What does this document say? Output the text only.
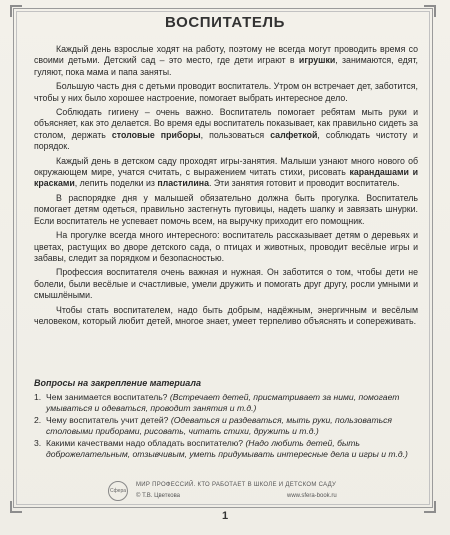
ВОСПИТАТЕЛЬ

Каждый день взрослые ходят на работу, поэтому не всегда могут проводить время со своими детьми. Детский сад – это место, где дети играют в игрушки, занимаются, едят, гуляют, пока мама и папа заняты.

Большую часть дня с детьми проводит воспитатель. Утром он встречает дет, заботится, чтобы у них было хорошее настроение, помогает выбрать интересное дело.

Соблюдать гигиену – очень важно. Воспитатель помогает ребятам мыть руки и объясняет, как это делается. Во время еды воспитатель показывает, как правильно сидеть за столом, держать столовые приборы, пользоваться салфеткой, соблюдать чистоту и порядок.

Каждый день в детском саду проходят игры-занятия. Малыши узнают много нового об окружающем мире, учатся считать, с выражением читать стихи, рисовать карандашами и красками, лепить поделки из пластилина. Эти занятия готовит и проводит воспитатель.

В распорядке дня у малышей обязательно должна быть прогулка. Воспитатель помогает детям одеться, правильно застегнуть пуговицы, надеть шапку и завязать шнурки. Если воспитатель не успевает помочь всем, на выручку приходит его помощник.

На прогулке всегда много интересного: воспитатель рассказывает детям о деревьях и цветах, растущих во дворе детского сада, о птицах и животных, проводит весёлые игры и забавы, следит за порядком и безопасностью.

Профессия воспитателя очень важная и нужная. Он заботится о том, чтобы дети не болели, были весёлые и счастливые, умели дружить и помогать друг другу, росли умными и смышлёными.

Чтобы стать воспитателем, надо быть добрым, надёжным, энергичным и весёлым человеком, который любит детей, многое знает, умеет терпеливо объяснять и сопереживать.

Вопросы на закрепление материала
1. Чем занимается воспитатель? (Встречает детей, присматривает за ними, помогает умываться и одеваться, проводит занятия и т.д.)
2. Чему воспитатель учит детей? (Одеваться и раздеваться, мыть руки, пользоваться столовыми приборами, рисовать, читать стихи, дружить и т.д.)
3. Какими качествами надо обладать воспитателю? (Надо любить детей, быть доброжелательным, отзывчивым, уметь придумывать интересные дела и игры и т.д.)
Сфера
МИР ПРОФЕССИЙ. КТО РАБОТАЕТ В ШКОЛЕ И ДЕТСКОМ САДУ
© Т.В. Цветкова	www.sfera-book.ru
1
